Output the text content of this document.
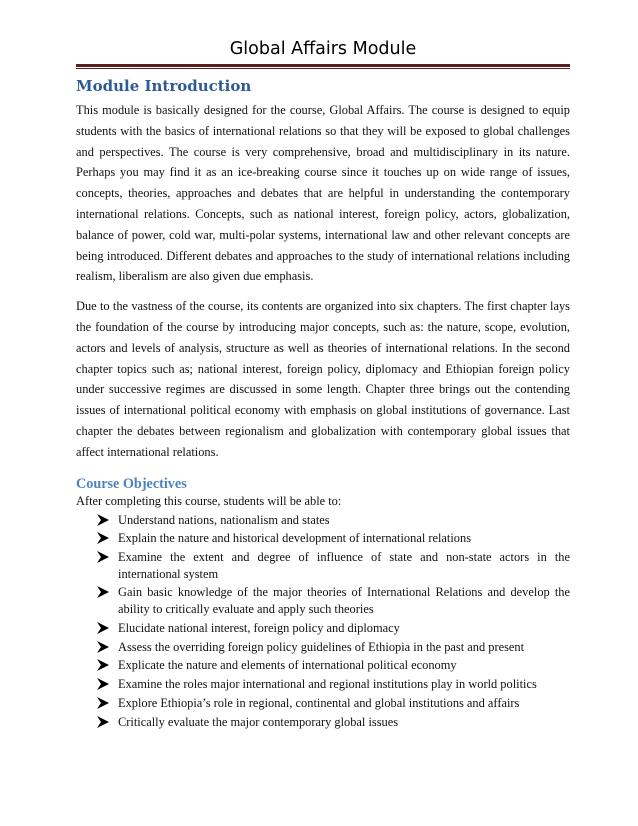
Global Affairs Module
Module Introduction

This module is basically designed for the course, Global Affairs. The course is designed to equip students with the basics of international relations so that they will be exposed to global challenges and perspectives. The course is very comprehensive, broad and multidisciplinary in its nature. Perhaps you may find it as an ice-breaking course since it touches up on wide range of issues, concepts, theories, approaches and debates that are helpful in understanding the contemporary international relations. Concepts, such as national interest, foreign policy, actors, globalization, balance of power, cold war, multi-polar systems, international law and other relevant concepts are being introduced. Different debates and approaches to the study of international relations including realism, liberalism are also given due emphasis.

Due to the vastness of the course, its contents are organized into six chapters. The first chapter lays the foundation of the course by introducing major concepts, such as: the nature, scope, evolution, actors and levels of analysis, structure as well as theories of international relations. In the second chapter topics such as; national interest, foreign policy, diplomacy and Ethiopian foreign policy under successive regimes are discussed in some length. Chapter three brings out the contending issues of international political economy with emphasis on global institutions of governance. Last chapter the debates between regionalism and globalization with contemporary global issues that affect international relations.

Course Objectives

After completing this course, students will be able to:

Understand nations, nationalism and states
Explain the nature and historical development of international relations
Examine the extent and degree of influence of state and non-state actors in the international system
Gain basic knowledge of the major theories of International Relations and develop the ability to critically evaluate and apply such theories
Elucidate national interest, foreign policy and diplomacy
Assess the overriding foreign policy guidelines of Ethiopia in the past and present
Explicate the nature and elements of international political economy
Examine the roles major international and regional institutions play in world politics
Explore Ethiopia’s role in regional, continental and global institutions and affairs
Critically evaluate the major contemporary global issues
